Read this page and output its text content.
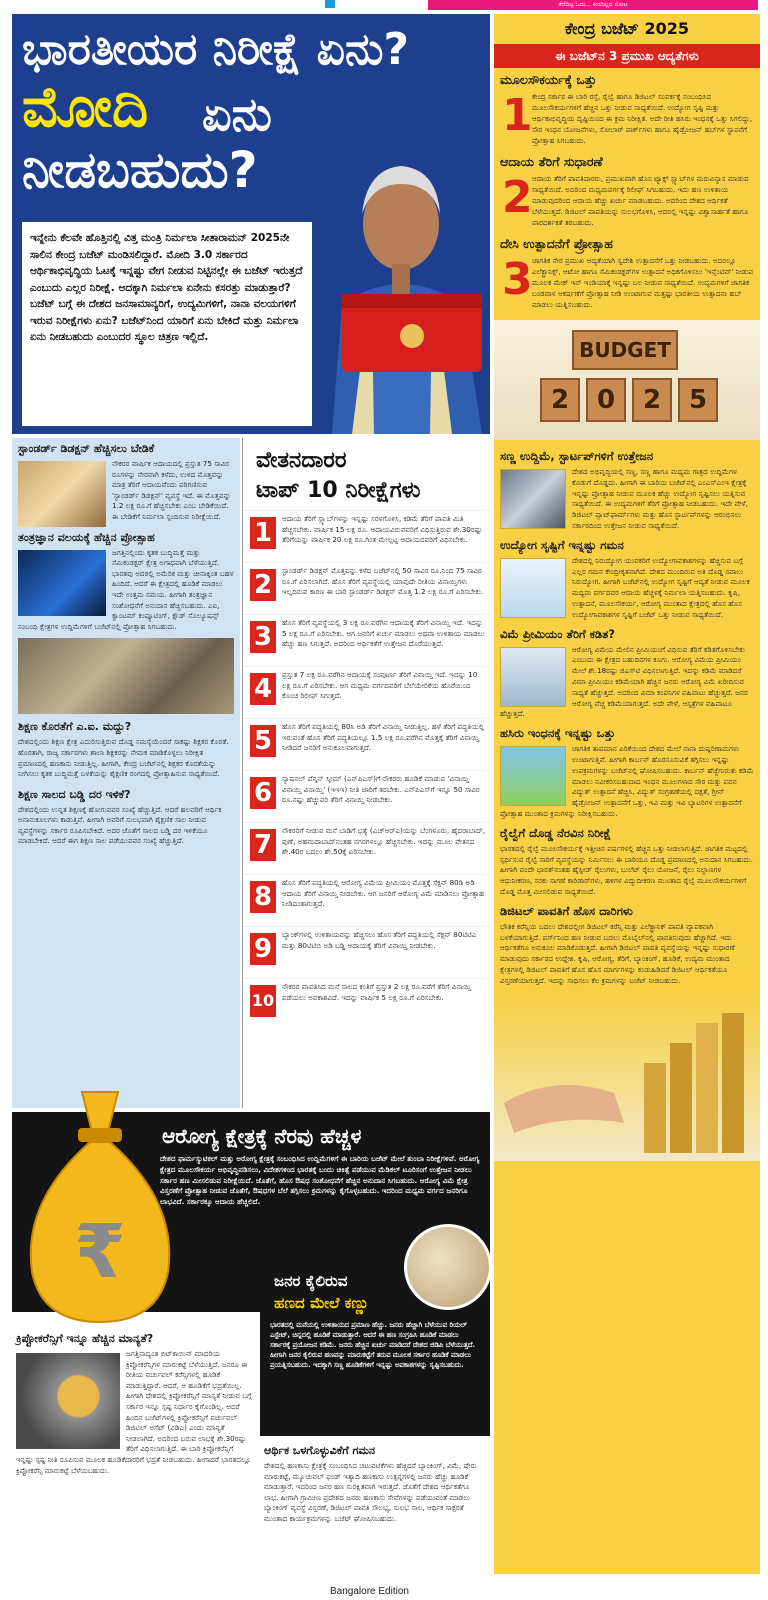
ತೆರೆದಿಟ್ಟ ಓದು... ಕುಂದಿಲ್ಲದ ನೋಟ
ಭಾರತೀಯರ ನಿರೀಕ್ಷೆ ಏನು?
ಮೋದಿ ಏನು
ನೀಡಬಹುದು?
ಇನ್ನೇನು ಕೆಲವೇ ಹೊತ್ತಿನಲ್ಲಿ ವಿತ್ತ ಮಂತ್ರಿ ನಿರ್ಮಲಾ ಸೀತಾರಾಮನ್ 2025ನೇ ಸಾಲಿನ ಕೇಂದ್ರ ಬಜೆಟ್ ಮಂಡಿಸಲಿದ್ದಾರೆ. ಮೋದಿ 3.0 ಸರ್ಕಾರದ ಆರ್ಥಿಕಾಭಿವೃದ್ಧಿಯ ಓಟಕ್ಕೆ ಇನ್ನಷ್ಟು ವೇಗ ನೀಡುವ ನಿಟ್ಟಿನಲ್ಲೇ ಈ ಬಜೆಟ್ ಇರುತ್ತದೆ ಎಂಬುದು ಎಲ್ಲರ ನಿರೀಕ್ಷೆ. ಅದಕ್ಕಾಗಿ ನಿರ್ಮಲಾ ಏನೇನು ಕಸರತ್ತು ಮಾಡುತ್ತಾರೆ? ಬಜೆಟ್ ಬಗ್ಗೆ ಈ ದೇಶದ ಜನಸಾಮಾನ್ಯರಿಗೆ, ಉದ್ಯಮಿಗಳಿಗೆ, ನಾನಾ ವಲಯಗಳಿಗೆ ಇರುವ ನಿರೀಕ್ಷೆಗಳು ಏನು? ಬಜೆಟ್‌ನಿಂದ ಯಾರಿಗೆ ಏನು ಬೇಕಿದೆ ಮತ್ತು ನಿರ್ಮಲಾ ಏನು ನೀಡಬಹುದು ಎಂಬುದರ ಸ್ಥೂಲ ಚಿತ್ರಣ ಇಲ್ಲಿದೆ.
ಕೇಂದ್ರ ಬಜೆಟ್ 2025
ಈ ಬಜೆಟ್‌ನ 3 ಪ್ರಮುಖ ಆದ್ಯತೆಗಳು
ಮೂಲಸೌಕರ್ಯಕ್ಕೆ ಒತ್ತು
1 ಕೇಂದ್ರ ಸರ್ಕಾರ ಈ ಬಾರಿ ರಸ್ತೆ, ರೈಲ್ವೆ ಹಾಗೂ ಡಿಜಿಟಲ್ ಸಂಪರ್ಕಕ್ಕೆ ಸಂಬಂಧಿಸಿದ ಮೂಲಸೌಕರ್ಯಗಳಿಗೆ ಹೆಚ್ಚಿನ ಒತ್ತು ನೀಡುವ ಸಾಧ್ಯತೆಯಿದೆ. ಉದ್ಯೋಗ ಸೃಷ್ಟಿ ಮತ್ತು ಆರ್ಥಿಕಾಭಿವೃದ್ಧಿಯ ದೃಷ್ಟಿಯಿಂದ ಈ ಕ್ರಮ ನಿರೀಕ್ಷಿತ. ಅದೇ ರೀತಿ ಹಸಿರು ಇಂಧನಕ್ಕೆ ಒತ್ತು ಸಿಗಲಿದ್ದು, ಸೌರ ಇಂಧನ ಯೋಜನೆಗಳು, ಸೋಲಾರ್ ಪಾರ್ಕ್‌ಗಳು ಹಾಗೂ ಹೈಡ್ರೋಜನ್ ಹಬ್‌ಗಳ ಸ್ಥಾಪನೆಗೆ ಪ್ರೋತ್ಸಾಹ ಸಿಗಬಹುದು.

ಆದಾಯ ತೆರಿಗೆ ಸುಧಾರಣೆ
2 ಆದಾಯ ತೆರಿಗೆ ಪಾವತಿದಾರರು, ಪ್ರಮುಖವಾಗಿ ಹೊಸ ಟ್ಯಾಕ್ಸ್ ಸ್ಲ್ಯಾಬ್‌ಗಳ ಮರುವಿನ್ಯಾಸ ಮಾಡುವ ಸಾಧ್ಯತೆಯಿದೆ. ಅದರಿಂದ ಮಧ್ಯಮವರ್ಗಕ್ಕೆ ರಿಲೀಫ್ ಸಿಗಬಹುದು. ಇದು ಹಣ ಉಳಿತಾಯ ಮಾಡುವುದರಿಂದ ಆದಾಯ ಹೆಚ್ಚು ಖರ್ಚು ಮಾಡಬಹುದು. ಅದರಿಂದ ದೇಶದ ಆರ್ಥಿಕತೆ ಬೆಳೆಯುತ್ತದೆ. ಡಿಜಿಟಲ್ ಪಾವತಿಯನ್ನು ಸುಲಭಗೊಳಿಸಿ, ಆದರಲ್ಲಿ ಇನ್ನಷ್ಟು ವಿಶ್ವಾಸಾರ್ಹತೆ ಹಾಗೂ ಪಾರದರ್ಶಕತೆ ತರಬಹುದು.

ದೇಸಿ ಉತ್ಪಾದನೆಗೆ ಪ್ರೋತ್ಸಾಹ
3 ಜಾಗತಿಕ ನೇರ ಪ್ರಮುಖ ಆದ್ಯತೆಯಾಗಿ ಸ್ವದೇಶಿ ಉತ್ಪಾದನೆಗೆ ಒತ್ತು ನೀಡಬಹುದು. ಅದರಲ್ಲೂ ಎಲೆಕ್ಟ್ರಾನಿಕ್ಸ್, ಆಟೋ ಹಾಗೂ ಸೆಮಿಕಂಡಕ್ಟರ್‌ಗಳ ಉತ್ಪಾದನೆ ಅಧಿಕಗೊಳಿಸಲು 'ಇನ್ಸೆಂಟಿವ್' ನೀಡುವ ಮೂಲಕ ಮೇಕ್ ಇನ್ ಇಂಡಿಯಾಕ್ಕೆ ಇನ್ನಷ್ಟು ಬಲ ನೀಡುವ ಸಾಧ್ಯತೆಯಿದೆ. ಉದ್ಯಮಗಳಿಗೆ ಜಾಗತಿಕ ಬಂಡವಾಳ ಆಕರ್ಷಣೆಗೆ ಪ್ರೋತ್ಸಾಹ ನೀಡಿ ಉಂಟಾಗುವ ಮತ್ತಷ್ಟು ಭಾರತೀಯ ಉತ್ಪಾದನಾ ಹಬ್ ಮಾಡಲು ಯತ್ನಿಸಬಹುದು.

BUDGET
2	0	2	5
ಸಣ್ಣ ಉದ್ದಿಮೆ, ಸ್ಟಾರ್ಟಪ್‌ಗಳಿಗೆ ಉತ್ತೇಜನ

ದೇಶದ ಅಭಿವೃದ್ಧಿಯಲ್ಲಿ ಸಣ್ಣ, ಸಣ್ಣ ಹಾಗೂ ಮಧ್ಯಮ ಗಾತ್ರದ ಉದ್ದಿಮೆಗಳ ಕೊಡುಗೆ ದೊಡ್ಡದು. ಹೀಗಾಗಿ ಈ ಬಾರಿಯ ಬಜೆಟ್‌ನಲ್ಲಿ ಎಂಎಸ್ಎಂಇ ಕ್ಷೇತ್ರಕ್ಕೆ ಇನ್ನಷ್ಟು ಪ್ರೋತ್ಸಾಹ ನೀಡುವ ಮೂಲಕ ಹೆಚ್ಚು ಉದ್ಯೋಗ ಸೃಷ್ಟಿಸಲು ಯತ್ನಿಸುವ ಸಾಧ್ಯತೆಯಿದೆ. ಈ ಉದ್ಯಮಗಳಿಗೆ ತೆರಿಗೆ ಪ್ರೋತ್ಸಾಹ ನೀಡಬಹುದು. ಇದೇ ವೇಳೆ, ಡಿಜಿಟಲ್ ಪ್ಲಾಟ್‌ಫಾರ್ಮ್‌ಗಳು ಮತ್ತು ಹೊಸ ಸ್ಟಾರ್ಟಪ್‌ಗಳನ್ನು ಆರಂಭಿಸಲು ಸರ್ಕಾರದಿಂದ ಉತ್ತೇಜನ ನೀಡುವ ಸಾಧ್ಯತೆಯಿದೆ.

ಉದ್ಯೋಗ ಸೃಷ್ಟಿಗೆ ಇನ್ನಷ್ಟು ಗಮನ

ದೇಶದಲ್ಲಿ ನಿರುದ್ಯೋಗ ಯುವಕರಿಗೆ ಉದ್ಯೋಗಾವಕಾಶಗಳನ್ನು ಹೆಚ್ಚಿಸುವ ಬಗ್ಗೆ ಎಲ್ಲರ ಗಮನ ಕೇಂದ್ರೀಕೃತವಾಗಿದೆ. ದೇಶದ ಮುಂದಿರುವ ಅತಿ ದೊಡ್ಡ ಸವಾಲು ನಿರುದ್ಯೋಗ. ಹೀಗಾಗಿ ಬಜೆಟ್‌ನಲ್ಲಿ ಉದ್ಯೋಗ ಸೃಷ್ಟಿಗೆ ಆದ್ಯತೆ ನೀಡುವ ಮೂಲಕ ಮಧ್ಯಮ ವರ್ಗದವರ ಆದಾಯ ಹೆಚ್ಚಳಕ್ಕೆ ನಿರ್ಮಲಾ ಯತ್ನಿಸಬಹುದು. ಕೃಷಿ, ಉತ್ಪಾದನೆ, ಮೂಲಸೌಕರ್ಯ, ಆರೋಗ್ಯ ಮುಂತಾದ ಕ್ಷೇತ್ರದಲ್ಲಿ ಹೊಸ ಹೊಸ ಉದ್ಯೋಗಾವಕಾಶಗಳ ಸೃಷ್ಟಿಗೆ ಬಜೆಟ್ ಒತ್ತು ನೀಡುವ ಸಾಧ್ಯತೆಯಿದೆ.

ವಿಮೆ ಪ್ರೀಮಿಯಂ ತೆರಿಗೆ ಕಡಿತ?

ಆರೋಗ್ಯ ವಿಮೆಯ ಮೇಲಿನ ಪ್ರೀಮಿಯಂಗೆ ವಿಧಿಸುವ ತೆರಿಗೆ ಕಡಿತಗೊಳಿಸಬೇಕು ಎಂಬುದು ಈ ಕ್ಷೇತ್ರದ ಬಹುದಿನಗಳ ಕೂಗು. ಆರೋಗ್ಯ ವಿಮೆಯ ಪ್ರೀಮಿಯಂ ಮೇಲೆ ಶೇ.18ರಷ್ಟು ಜಿಎಸ್‌ಟಿ ವಿಧಿಸಲಾಗುತ್ತಿದೆ. ಇದನ್ನು ಕಡಿಮೆ ಮಾಡಿದರೆ ವಿಮಾ ಪ್ರೀಮಿಯಂ ಕಡಿಮೆಯಾಗಿ ಹೆಚ್ಚಿನ ಜನರು ಆರೋಗ್ಯ ವಿಮೆ ಖರೀದಿಸುವ ಸಾಧ್ಯತೆ ಹೆಚ್ಚುತ್ತದೆ. ಅದರಿಂದ ವಿಮಾ ಕಂಪನಿಗಳ ವಹಿವಾಟು ಹೆಚ್ಚುತ್ತದೆ. ಜನರ ಆರೋಗ್ಯ ವೆಚ್ಚ ಕಡಿಮೆಯಾಗುತ್ತದೆ. ಅದೇ ವೇಳೆ, ಆಸ್ಪತ್ರೆಗಳ ವಹಿವಾಟೂ ಹೆಚ್ಚುತ್ತದೆ.

ಹಸಿರು ಇಂಧನಕ್ಕೆ ಇನ್ನಷ್ಟು ಒತ್ತು

ಜಾಗತಿಕ ತಾಪಮಾನ ಏರಿಕೆಯಿಂದ ದೇಶದ ಮೇಲೆ ನಾನಾ ದುಷ್ಪರಿಣಾಮಗಳು ಉಂಟಾಗುತ್ತಿವೆ. ಹೀಗಾಗಿ ಕಾರ್ಬನ್ ಹೊರಸೂಸುವಿಕೆ ತಗ್ಗಿಸಲು ಇನ್ನಷ್ಟು ಉಪಕ್ರಮಗಳನ್ನು ಬಜೆಟ್‌ನಲ್ಲಿ ಘೋಷಿಸಬಹುದು. ಕಾರ್ಬನ್ ಹೆಜ್ಜೆಗುರುತು ಕಡಿಮೆ ಮಾಡಲು ನವೀಕರಿಸಬಹುದಾದ ಇಂಧನ ಮೂಲಗಳಾದ ಸೌರ ಮತ್ತು ಪವನ ವಿದ್ಯುತ್ ಉತ್ಪಾದನೆ ಹೆಚ್ಚಿಸಿ, ವಿದ್ಯುತ್ ಸಂಗ್ರಹಣೆಯಲ್ಲಿ ದಕ್ಷತೆ, ಗ್ರೀನ್ ಹೈಡ್ರೋಜನ್ ಉತ್ಪಾದನೆಗೆ ಒತ್ತು, ಇವಿ ಮತ್ತು ಇವಿ ಬ್ಯಾಟರಿಗಳ ಉತ್ಪಾದನೆಗೆ ಪ್ರೋತ್ಸಾಹ ಮುಂತಾದ ಕ್ರಮಗಳನ್ನು ನಿರೀಕ್ಷಿಸಬಹುದು.

ರೈಲ್ವೆಗೆ ದೊಡ್ಡ ನೆರವಿನ ನಿರೀಕ್ಷೆ

ಭಾರತದಲ್ಲಿ ರೈಲ್ವೆ ಮೂಲಸೌಕರ್ಯಕ್ಕೆ ಇತ್ತೀಚಿನ ವರ್ಷಗಳಲ್ಲಿ ಹೆಚ್ಚಿನ ಒತ್ತು ನೀಡಲಾಗುತ್ತಿದೆ. ಜಾಗತಿಕ ಮಟ್ಟದಲ್ಲಿ ಸ್ಪರ್ಧಿಸುವ ರೈಲ್ವೆ ಸಾರಿಗೆ ವ್ಯವಸ್ಥೆಯನ್ನು ನಿರ್ಮಿಸಲು ಈ ಬಾರಿಯೂ ದೊಡ್ಡ ಪ್ರಮಾಣದಲ್ಲಿ ಅನುದಾನ ಸಿಗಬಹುದು. ಹೀಗಾಗಿ ವಂದೇ ಭಾರತ್‌ನಂತಹ ಹೈಸ್ಪೀಡ್ ರೈಲುಗಳು, ಬುಲೆಟ್ ರೈಲು ಯೋಜನೆ, ರೈಲು ನಿಲ್ದಾಣಗಳ ಆಧುನೀಕರಣ, ಸರಕು ಸಾಗಣೆ ಕಾರಿಡಾರ್‌ಗಳು, ಹಳಿಗಳ ವಿದ್ಯುದೀಕರಣ ಮುಂತಾದ ರೈಲ್ವೆ ಮೂಲಸೌಕರ್ಯಗಳಿಗೆ ದೊಡ್ಡ ಮೊತ್ತ ಮೀಸಲಿಡುವ ಸಾಧ್ಯತೆಯಿದೆ.

ಡಿಜಿಟಲ್ ಪಾವತಿಗೆ ಹೊಸ ದಾರಿಗಳು

ಭೌತಿಕ ಕರೆನ್ಸಿಯ ಬದಲು ದೇಶದಲ್ಲೀಗ ಡಿಜಿಟಲ್ ಕರೆನ್ಸಿ ಮತ್ತು ಎಲೆಕ್ಟ್ರಾನಿಕ್ ಪಾವತಿ ವ್ಯಾಪಕವಾಗಿ ಬಳಕೆಯಾಗುತ್ತಿದೆ. ಪರ್ಸ್‌ನಿಂದ ಹಣ ನೀಡುವ ಬದಲು ಮೊಬೈಲ್‌ನಲ್ಲಿ ಪಾವತಿಸುವುದು ಹೆಚ್ಚಾಗಿದೆ. ಇದು ಆರ್ಥಿಕತೆಗೂ ಅನುಕೂಲ ಮಾಡಿಕೊಡುತ್ತದೆ. ಹೀಗಾಗಿ ಡಿಜಿಟಲ್ ಪಾವತಿ ವ್ಯವಸ್ಥೆಯನ್ನು ಇನ್ನಷ್ಟು ಸುಧಾರಣೆ ಮಾಡುವುದು ಸರ್ಕಾರದ ಉದ್ದೇಶ. ಕೃಷಿ, ಆರೋಗ್ಯ, ತೆರಿಗೆ, ಬ್ಯಾಂಕಿಂಗ್, ಹೂಡಿಕೆ, ಉದ್ಯಮ ಮುಂತಾದ ಕ್ಷೇತ್ರಗಳಲ್ಲಿ ಡಿಜಿಟಲ್ ಪಾವತಿಗೆ ಹೊಸ ಹೊಸ ಮಾರ್ಗಗಳನ್ನು ಕಂಡುಹಿಡಿದರೆ ಡಿಜಿಟಲ್ ಆರ್ಥಿಕತೆಯೂ ವಿಸ್ತರಣೆಯಾಗುತ್ತದೆ. ಇದನ್ನು ಸಾಧಿಸಲು ಕೆಲ ಕ್ರಮಗಳನ್ನು ಬಜೆಟ್ ನೀಡಬಹುದು.

ಸ್ಟಾಂಡರ್ಡ್ ಡಿಡಕ್ಷನ್ ಹೆಚ್ಚಿಸಲು ಬೇಡಿಕೆ

ನೌಕರರ ವಾರ್ಷಿಕ ಆದಾಯದಲ್ಲಿ ಪ್ರಸ್ತುತ 75 ಸಾವಿರ ರೂಗಳನ್ನು ನೇರವಾಗಿ ಕಳೆದು, ಉಳಿದ ಮೊತ್ತವನ್ನು ಮಾತ್ರ ತೆರಿಗೆ ಆದಾಯವೆಂದು ಪರಿಗಣಿಸುವ 'ಸ್ಟಾಂಡರ್ಡ್ ಡಿಡಕ್ಷನ್' ವ್ಯವಸ್ಥೆ ಇದೆ. ಈ ಮೊತ್ತವನ್ನು 1.2 ಲಕ್ಷ ರೂ.ಗೆ ಹೆಚ್ಚಿಸಬೇಕು ಎಂಬ ಬೇಡಿಕೆಯಿದೆ. ಈ ಬೇಡಿಕೆಗೆ ನಿರ್ಮಲಾ ಸ್ಪಂದಿಸುವ ನಿರೀಕ್ಷೆಯಿದೆ.

ತಂತ್ರಜ್ಞಾನ ವಲಯಕ್ಕೆ ಹೆಚ್ಚಿನ ಪ್ರೋತ್ಸಾಹ

ಜಗತ್ತಿನಲ್ಲಿಂದು ಕೃತಕ ಬುದ್ಧಿಮತ್ತೆ ಮತ್ತು ಸೆಮಿಕಂಡಕ್ಟರ್ ಕ್ಷೇತ್ರ ಅಗಾಧವಾಗಿ ಬೆಳೆಯುತ್ತಿದೆ. ಭಾರತವು ಅದರಲ್ಲಿ ಅಮೆರಿಕ ಮತ್ತು ಚೀನಾಕ್ಕಿಂತ ಬಹಳ ಹಿಂದಿದೆ. ಆದರೆ ಈ ಕ್ಷೇತ್ರದಲ್ಲಿ ಹೂಡಿಕೆ ಮಾಡಲು ಇದೇ ಉತ್ತಮ ಸಮಯ. ಹೀಗಾಗಿ ತಂತ್ರಜ್ಞಾನ ಸಂಶೋಧನೆಗೆ ಅನುದಾನ ಹೆಚ್ಚಿಸಬಹುದು. ಎಐ, ಕ್ವಾಂಟಮ್ ಕಂಪ್ಯೂಟಿಂಗ್, ಕ್ಲೌಡ್ ಸೊಲ್ಯೂಷನ್ಸ್ ಸಂಬಂಧಿ ಕ್ಷೇತ್ರಗಳ ಉದ್ದಿಮೆಗಳಿಗೆ ಬಜೆಟ್‌ನಲ್ಲಿ ಪ್ರೋತ್ಸಾಹ ಸಿಗಬಹುದು.

ಶಿಕ್ಷಣ ಕೊರತೆಗೆ ಎ.ಐ. ಮದ್ದು?

ದೇಶದಲ್ಲಿಂದು ಶಿಕ್ಷಣ ಕ್ಷೇತ್ರ ಎದುರಿಸುತ್ತಿರುವ ದೊಡ್ಡ ಸಮಸ್ಯೆಯೆಂದರೆ ಸಾಕಷ್ಟು ಶಿಕ್ಷಕರ ಕೊರತೆ. ಹೊರತಾಗಿ, ರಾಜ್ಯ ಸರ್ಕಾರಗಳು ಶಾಲಾ ಶಿಕ್ಷಕರನ್ನು ನೇಮಕ ಮಾಡಿಕೊಳ್ಳಲು ನಿರೀಕ್ಷಿತ ಪ್ರಮಾಣದಲ್ಲಿ ಹಣಕಾಸು ನೀಡುತ್ತಿಲ್ಲ. ಹೀಗಾಗಿ, ಕೇಂದ್ರ ಬಜೆಟ್‌ನಲ್ಲಿ ಶಿಕ್ಷಕರ ಕೊರತೆಯನ್ನು ನೀಗಿಸಲು ಕೃತಕ ಬುದ್ಧಿಮತ್ತೆ ಬಳಕೆಯನ್ನು ಶೈಕ್ಷಣಿಕ ರಂಗದಲ್ಲಿ ಪ್ರೋತ್ಸಾಹಿಸುವ ಸಾಧ್ಯತೆಯಿದೆ.

ಶಿಕ್ಷಣ ಸಾಲದ ಬಡ್ಡಿ ದರ ಇಳಿಕೆ?

ದೇಶದಲ್ಲಿಂದು ಉನ್ನತ ಶಿಕ್ಷಣಕ್ಕೆ ಹೋಗುವವರ ಸಂಖ್ಯೆ ಹೆಚ್ಚುತ್ತಿದೆ. ಆದರೆ ಹಲವರಿಗೆ ಆರ್ಥಿಕ ಅನಾನುಕೂಲಗಳು ಕಾಡುತ್ತಿವೆ. ಹೀಗಾಗಿ ಅವರಿಗೆ ಸುಲಭವಾಗಿ ಶೈಕ್ಷಣಿಕ ಸಾಲ ನೀಡುವ ವ್ಯವಸ್ಥೆಗಳನ್ನು ಸರ್ಕಾರ ರೂಪಿಸಬೇಕಿದೆ. ಅದರ ಜೊತೆಗೆ ಸಾಲದ ಬಡ್ಡಿ ದರ ಇಳಿಕೆಯೂ ಮಾಡಬೇಕಿದೆ. ಆದರೆ ಈಗ ಶಿಕ್ಷಣ ಸಾಲ ಪಡೆಯುವವರ ಸಂಖ್ಯೆ ಹೆಚ್ಚುತ್ತಿದೆ.

ವೇತನದಾರರ
ಟಾಪ್ 10 ನಿರೀಕ್ಷೆಗಳು
1	ಆದಾಯ ತೆರಿಗೆ ಸ್ಲ್ಯಾಬ್‌ಗಳನ್ನು ಇನ್ನಷ್ಟು ಸರಳಗೊಳಿಸಿ, ಕಡಿಮೆ ತೆರಿಗೆ ಪಾವತಿ ಮಿತಿ ಹೆಚ್ಚಿಸಬೇಕು. ವಾರ್ಷಿಕ 15 ಲಕ್ಷ ರೂ. ಆದಾಯವಿರುವವರಿಗೆ ವಿಧಿಸುತ್ತಿರುವ ಶೇ.30ರಷ್ಟು ತೆರಿಗೆಯನ್ನು ವಾರ್ಷಿಕ 20 ಲಕ್ಷ ರೂ.ಗಿಂತ ಮೇಲ್ಪಟ್ಟ ಆದಾಯದವರಿಗೆ ವಿಧಿಸಬೇಕು.

2	ಸ್ಟಾಂಡರ್ಡ್ ಡಿಡಕ್ಷನ್ ಮೊತ್ತವನ್ನು ಕಳೆದ ಬಜೆಟ್‌ನಲ್ಲಿ 50 ಸಾವಿರ ರೂ.ನಿಂದ 75 ಸಾವಿರ ರೂ.ಗೆ ಏರಿಸಲಾಗಿದೆ. ಹೊಸ ತೆರಿಗೆ ವ್ಯವಸ್ಥೆಯಲ್ಲಿ ಯಾವುದೇ ರೀತಿಯ ವಿನಾಯ್ತಿಗಳು ಇಲ್ಲದಿರುವ ಕಾರಣ ಈ ಬಾರಿ ಸ್ಟಾಂಡರ್ಡ್ ಡಿಡಕ್ಷನ್ ಮೊತ್ತ 1.2 ಲಕ್ಷ ರೂ.ಗೆ ಏರಿಸಬೇಕು.

3	ಹೊಸ ತೆರಿಗೆ ವ್ಯವಸ್ಥೆಯಲ್ಲಿ 3 ಲಕ್ಷ ರೂ.ವರೆಗಿನ ಆದಾಯಕ್ಕೆ ತೆರಿಗೆ ವಿನಾಯ್ತಿ ಇದೆ. ಇದನ್ನು 5 ಲಕ್ಷ ರೂ.ಗೆ ಏರಿಸಬೇಕು. ಆಗ ಜನರಿಗೆ ಖರ್ಚು ಮಾಡಲು ಅಥವಾ ಉಳಿತಾಯ ಮಾಡಲು ಹೆಚ್ಚು ಹಣ ಸಿಗುತ್ತದೆ. ಅದರಿಂದ ಆರ್ಥಿಕತೆಗೆ ಉತ್ತೇಜನ ದೊರೆಯುತ್ತದೆ.

4	ಪ್ರಸ್ತುತ 7 ಲಕ್ಷ ರೂ.ವರೆಗಿನ ಆದಾಯಕ್ಕೆ ಸಂಪೂರ್ಣ ತೆರಿಗೆ ವಿನಾಯ್ತಿ ಇದೆ. ಇದನ್ನು 10 ಲಕ್ಷ ರೂ.ಗೆ ಏರಿಸಬೇಕು. ಆಗ ಮಧ್ಯಮ ವರ್ಗದವರಿಗೆ ಬೆಲೆಯೇರಿಕೆಯ ಹೊರೆಯಿಂದ ಕೊಂಚ ರಿಲೀಫ್ ಸಿಗುತ್ತದೆ.

5	ಹೊಸ ತೆರಿಗೆ ಪದ್ಧತಿಯಲ್ಲಿ 80ಸಿ ಅಡಿ ತೆರಿಗೆ ವಿನಾಯ್ತಿ ನೀಡುತ್ತಿಲ್ಲ. ಹಳೆ ತೆರಿಗೆ ಪದ್ಧತಿಯಲ್ಲಿ ಇರುವಂತೆ ಹೊಸ ತೆರಿಗೆ ಪದ್ಧತಿಯಲ್ಲೂ 1.5 ಲಕ್ಷ ರೂ.ವರೆಗಿನ ಮೊತ್ತಕ್ಕೆ ತೆರಿಗೆ ವಿನಾಯ್ತಿ ನೀಡಿದರೆ ಜನರಿಗೆ ಅನುಕೂಲವಾಗುತ್ತದೆ.

6	ನ್ಯಾಷನಲ್ ಪೆನ್ಶನ್ ಸ್ಕೀಮ್ (ಎನ್‌ಪಿಎಸ್)ಗೆ ನೌಕರರು ಹೂಡಿಕೆ ಮಾಡುವ 'ವಿನಾಯ್ತಿ ವಿನಾಯ್ತಿ ವಿನಾಯ್ತಿ' (ಇಇಇ) ನೀತಿ ಜಾರಿಗೆ ತರಬೇಕು. ಎನ್‌ಪಿಎಸ್‌ಗೆ ಇನ್ನೂ 50 ಸಾವಿರ ರೂ.ನಷ್ಟು ಹೆಚ್ಚುವರಿ ತೆರಿಗೆ ವಿನಾಯ್ತಿ ನೀಡಬೇಕು.

7	ನೌಕರರಿಗೆ ನೀಡುವ ಮನೆ ಬಾಡಿಗೆ ಭತ್ಯೆ (ಎಚ್‌ಆರ್‌ಎ)ಯನ್ನು ಬೆಂಗಳೂರು, ಹೈದರಾಬಾದ್, ಪುಣೆ, ಅಹಮದಾಬಾದ್‌ನಂತಹ ನಗರಗಳಲ್ಲೂ ಹೆಚ್ಚಿಸಬೇಕು. ಇದನ್ನು ಮೂಲ ವೇತನದ ಶೇ.40ರ ಬದಲು ಶೇ.50ಕ್ಕೆ ಏರಿಸಬೇಕು.

8	ಹೊಸ ತೆರಿಗೆ ಪದ್ಧತಿಯಲ್ಲಿ ಆರೋಗ್ಯ ವಿಮೆಯ ಪ್ರೀಮಿಯಂ ಮೊತ್ತಕ್ಕೆ ಸೆಕ್ಷನ್ 80ಡಿ ಅಡಿ ಆದಾಯ ತೆರಿಗೆ ವಿನಾಯ್ತಿ ನೀಡಬೇಕು. ಆಗ ಜನರಿಗೆ ಆರೋಗ್ಯ ವಿಮೆ ಮಾಡಿಸಲು ಪ್ರೋತ್ಸಾಹ ನೀಡಿದಂತಾಗುತ್ತದೆ.

9	ಬ್ಯಾಂಕ್‌ಗಳಲ್ಲಿ ಉಳಿತಾಯವನ್ನು ಹೆಚ್ಚಿಸಲು ಹೊಸ ತೆರಿಗೆ ಪದ್ಧತಿಯಲ್ಲಿ ಸೆಕ್ಷನ್ 80ಟಿಟಿಎ ಮತ್ತು 80ಟಿಟಿಬಿ ಅಡಿ ಬಡ್ಡಿ ಆದಾಯಕ್ಕೆ ತೆರಿಗೆ ವಿನಾಯ್ತಿ ನೀಡಬೇಕು.

10

ನೌಕರರ ಪಾವತಿಸಿದ ಮನೆ ಸಾಲದ ಕಂತಿಗೆ ಪ್ರಸ್ತುತ 2 ಲಕ್ಷ ರೂ.ವರೆಗೆ ತೆರಿಗೆ ವಿನಾಯ್ತಿ ಪಡೆಯಲು ಅವಕಾಶವಿದೆ. ಇದನ್ನು ವಾರ್ಷಿಕ 5 ಲಕ್ಷ ರೂ.ಗೆ ಏರಿಸಬೇಕು.

ಆರೋಗ್ಯ ಕ್ಷೇತ್ರಕ್ಕೆ ನೆರವು ಹೆಚ್ಚಳ
ದೇಶದ ಫಾರ್ಮಸ್ಯುಟಿಕಲ್ ಮತ್ತು ಆರೋಗ್ಯ ಕ್ಷೇತ್ರಕ್ಕೆ ಸಂಬಂಧಿಸಿದ ಉದ್ದಿಮೆಗಳಿಗೆ ಈ ಬಾರಿಯ ಬಜೆಟ್ ಮೇಲೆ ತುಂಬಾ ನಿರೀಕ್ಷೆಗಳಿವೆ. ಆರೋಗ್ಯ ಕ್ಷೇತ್ರದ ಮೂಲಸೌಕರ್ಯ ಅಭಿವೃದ್ಧಿಪಡಿಸಲು, ವಿದೇಶಗಳಿಂದ ಭಾರತಕ್ಕೆ ಬಂದು ಚಿಕಿತ್ಸೆ ಪಡೆಯುವ ಮೆಡಿಕಲ್ ಟೂರಿಸಂಗೆ ಉತ್ತೇಜನ ನೀಡಲು ಸರ್ಕಾರ ಹಣ ಮೀಸಲಿಡುವ ನಿರೀಕ್ಷೆಯಿದೆ. ಜೊತೆಗೆ, ಹೊಸ ಔಷಧ ಸಂಶೋಧನೆಗೆ ಹೆಚ್ಚಿನ ಅನುದಾನ ಸಿಗಬಹುದು. ಆರೋಗ್ಯ ವಿಮೆ ಕ್ಷೇತ್ರ ವಿಸ್ತರಣೆಗೆ ಪ್ರೋತ್ಸಾಹ ನೀಡುವ ಜೊತೆಗೆ, ಔಷಧಗಳ ಬೆಲೆ ತಗ್ಗಿಸಲು ಕ್ರಮಗಳನ್ನು ಕೈಗೊಳ್ಳಬಹುದು. ಇದರಿಂದ ಮಧ್ಯಮ ವರ್ಗದ ಜನರಿಗೂ ಲಾಭವಿದೆ. ಸರ್ಕಾರಕ್ಕೂ ಆದಾಯ ಹೆಚ್ಚಲಿದೆ.
₹	ಜನರ ಕೈಲಿರುವ
ಹಣದ ಮೇಲೆ ಕಣ್ಣು
ಭಾರತದಲ್ಲಿ ಮನೆಯಲ್ಲಿ ಉಳಿತಾಯದ ಪ್ರಮಾಣ ಹೆಚ್ಚು. ಜನರು ಹೆಚ್ಚಾಗಿ ಬೆಳೆಯುವ ರಿಯಲ್ ಎಸ್ಟೇಟ್, ಚಿನ್ನದಲ್ಲಿ ಹೂಡಿಕೆ ಮಾಡುತ್ತಾರೆ. ಆದರೆ ಈ ಹಣ ಸಂಗ್ರಹಿಸಿ ಹೂಡಿಕೆ ಮಾಡಲು ಸರ್ಕಾರಕ್ಕೆ ಪ್ರಯೋಜನ ಕಡಿಮೆ. ಜನರು ಹೆಚ್ಚಿನ ಖರ್ಚು ಮಾಡಿದರೆ ದೇಶದ ಜಿಡಿಪಿ ಬೆಳೆಯುತ್ತದೆ. ಹೀಗಾಗಿ ಜನರ ಕೈಲಿರುವ ಹಣವನ್ನು ಮಾರುಕಟ್ಟೆಗೆ ತರುವ ಮೂಲಕ ಸರ್ಕಾರ ಹೂಡಿಕೆ ಮಾಡಲು ಪ್ರಯತ್ನಿಸಬಹುದು. ಇದಕ್ಕಾಗಿ ಸಣ್ಣ ಹೂಡಿಕೆಗಳಿಗೆ ಇನ್ನಷ್ಟು ಅವಕಾಶಗಳನ್ನು ಸೃಷ್ಟಿಸಬಹುದು.
ಕ್ರಿಪ್ಟೋಕರೆನ್ಸಿಗೆ ಇನ್ನೂ ಹೆಚ್ಚಿನ ಮಾನ್ಯತೆ?

ಜಗತ್ತಿನಾದ್ಯಂತ ಬಿಟ್‌ಕಾಯಿನ್ ಮಾದರಿಯ ಕ್ರಿಪ್ಟೋಕರೆನ್ಸಿಗಳ ಮಾರುಕಟ್ಟೆ ಬೆಳೆಯುತ್ತಿದೆ. ಜನರೂ ಈ ರೀತಿಯ ವರ್ಚುವಲ್ ಕರೆನ್ಸಿಗಳಲ್ಲಿ ಹೂಡಿಕೆ ಮಾಡುತ್ತಿದ್ದಾರೆ. ಆದರೆ, ಆ ಹೂಡಿಕೆಗೆ ಭದ್ರತೆಯಿಲ್ಲ. ಹೀಗಾಗಿ ದೇಶದಲ್ಲಿ ಕ್ರಿಪ್ಟೋಕರೆನ್ಸಿಗೆ ಮಾನ್ಯತೆ ನೀಡುವ ಬಗ್ಗೆ ಸರ್ಕಾರ ಇನ್ನೂ ಸ್ಪಷ್ಟ ನಿರ್ಧಾರ ಕೈಗೊಂಡಿಲ್ಲ. ಆದರೆ ಹಿಂದಿನ ಬಜೆಟ್‌ಗಳಲ್ಲಿ ಕ್ರಿಪ್ಟೋಕರೆನ್ಸಿಗೆ ವರ್ಚುವಲ್ ಡಿಜಿಟಲ್ ಅಸೆಟ್ (ವಿಡಿಎ) ಎಂದು ಮಾನ್ಯತೆ ನೀಡಲಾಗಿದೆ. ಅದರಿಂದ ಬರುವ ಲಾಭಕ್ಕೆ ಶೇ.30ರಷ್ಟು ತೆರಿಗೆ ವಿಧಿಸಲಾಗುತ್ತಿದೆ. ಈ ಬಾರಿ ಕ್ರಿಪ್ಟೋಕರೆನ್ಸಿಗೆ ಇನ್ನಷ್ಟು ಸ್ಪಷ್ಟ ನೀತಿ ರೂಪಿಸುವ ಮೂಲಕ ಹೂಡಿಕೆದಾರರಿಗೆ ಭದ್ರತೆ ನೀಡಬಹುದು. ಹೀಗಾದರೆ ಭಾರತದಲ್ಲೂ ಕ್ರಿಪ್ಟೋಕರೆನ್ಸಿ ಮಾರುಕಟ್ಟೆ ಬೆಳೆಯಬಹುದು.

ಆರ್ಥಿಕ ಒಳಗೊಳ್ಳುವಿಕೆಗೆ ಗಮನ

ದೇಶದಲ್ಲಿ ಹಣಕಾಸು ಕ್ಷೇತ್ರಕ್ಕೆ ಸಂಬಂಧಿಸಿದ ಚಟುವಟಿಕೆಗಳು ಹೆಚ್ಚಿದರೆ ಬ್ಯಾಂಕಿಂಗ್, ವಿಮೆ, ಷೇರು ಮಾರುಕಟ್ಟೆ, ಮ್ಯೂಚುವಲ್ ಫಂಡ್ ಇತ್ಯಾದಿ ಹಣಕಾಸು ಉತ್ಪನ್ನಗಳಲ್ಲಿ ಜನರು ಹೆಚ್ಚು ಹೂಡಿಕೆ ಮಾಡುತ್ತಾರೆ. ಇದರಿಂದ ಜನರ ಹಣ ಸುರಕ್ಷಿತವಾಗಿ ಇರುತ್ತದೆ. ಜೊತೆಗೆ ದೇಶದ ಆರ್ಥಿಕತೆಗೂ ಲಾಭ. ಹೀಗಾಗಿ ಗ್ರಾಮೀಣ ಪ್ರದೇಶದ ಜನರು ಹಣಕಾಸು ಸೇವೆಗಳನ್ನು ಪಡೆಯುವಂತೆ ಮಾಡಲು ಬ್ಯಾಂಕಿಂಗ್ ವ್ಯವಸ್ಥೆ ವಿಸ್ತರಣೆ, ಡಿಜಿಟಲ್ ಪಾವತಿ ಸೌಲಭ್ಯ, ಸುಲಭ ಸಾಲ, ಆರ್ಥಿಕ ಸಾಕ್ಷರತೆ ಮುಂತಾದ ಕಾರ್ಯಕ್ರಮಗಳನ್ನು ಬಜೆಟ್ ಘೋಷಿಸಬಹುದು.

Bangalore Edition
